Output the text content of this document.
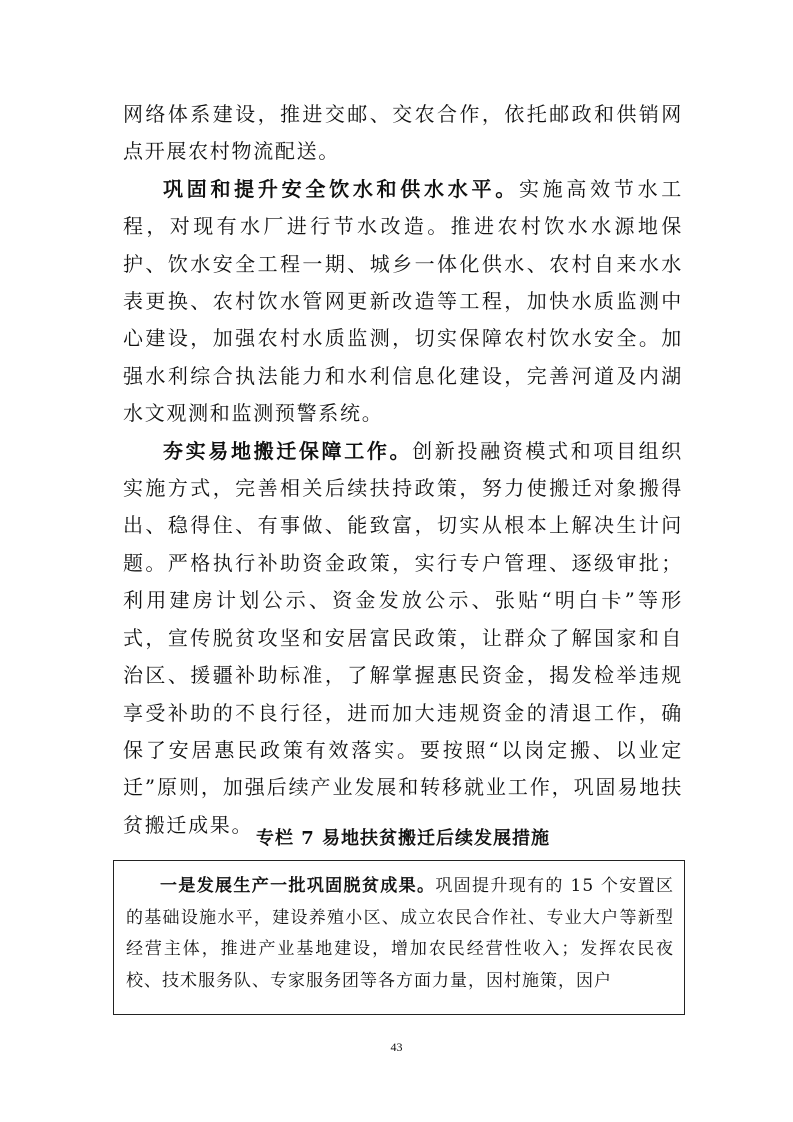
网络体系建设，推进交邮、交农合作，依托邮政和供销网点开展农村物流配送。

巩固和提升安全饮水和供水水平。实施高效节水工程，对现有水厂进行节水改造。推进农村饮水水源地保护、饮水安全工程一期、城乡一体化供水、农村自来水水表更换、农村饮水管网更新改造等工程，加快水质监测中心建设，加强农村水质监测，切实保障农村饮水安全。加强水利综合执法能力和水利信息化建设，完善河道及内湖水文观测和监测预警系统。

夯实易地搬迁保障工作。创新投融资模式和项目组织实施方式，完善相关后续扶持政策，努力使搬迁对象搬得出、稳得住、有事做、能致富，切实从根本上解决生计问题。严格执行补助资金政策，实行专户管理、逐级审批；利用建房计划公示、资金发放公示、张贴“明白卡”等形式，宣传脱贫攻坚和安居富民政策，让群众了解国家和自治区、援疆补助标准，了解掌握惠民资金，揭发检举违规享受补助的不良行径，进而加大违规资金的清退工作，确保了安居惠民政策有效落实。要按照“以岗定搬、以业定迁”原则，加强后续产业发展和转移就业工作，巩固易地扶贫搬迁成果。

专栏 7 易地扶贫搬迁后续发展措施

一是发展生产一批巩固脱贫成果。巩固提升现有的 15 个安置区的基础设施水平，建设养殖小区、成立农民合作社、专业大户等新型经营主体，推进产业基地建设，增加农民经营性收入；发挥农民夜校、技术服务队、专家服务团等各方面力量，因村施策，因户

43
